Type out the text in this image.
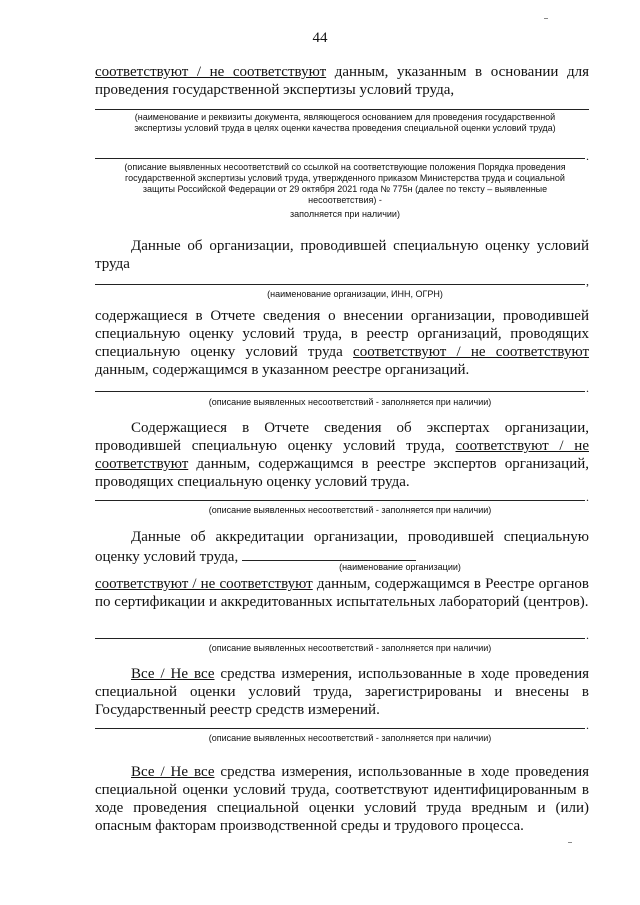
44

соответствуют / не соответствуют данным, указанным в основании для проведения государственной экспертизы условий труда,

(наименование и реквизиты документа, являющегося основанием для проведения государственной экспертизы условий труда в целях оценки качества проведения специальной оценки условий труда)

.

(описание выявленных несоответствий со ссылкой на соответствующие положения Порядка проведения государственной экспертизы условий труда, утвержденного приказом Министерства труда и социальной защиты Российской Федерации от 29 октября 2021 года № 775н (далее по тексту – выявленные несоответствия) -

заполняется при наличии)

Данные об организации, проводившей специальную оценку условий труда

,

(наименование организации, ИНН, ОГРН)

содержащиеся в Отчете сведения о внесении организации, проводившей специальную оценку условий труда, в реестр организаций, проводящих специальную оценку условий труда соответствуют / не соответствуют данным, содержащимся в указанном реестре организаций.

.

(описание выявленных несоответствий - заполняется при наличии)

Содержащиеся в Отчете сведения об экспертах организации, проводившей специальную оценку условий труда, соответствуют / не соответствуют данным, содержащимся в реестре экспертов организаций, проводящих специальную оценку условий труда.

.

(описание выявленных несоответствий - заполняется при наличии)

Данные об аккредитации организации, проводившей специальную оценку условий труда,

(наименование организации)

соответствуют / не соответствуют данным, содержащимся в Реестре органов по сертификации и аккредитованных испытательных лабораторий (центров).

.

(описание выявленных несоответствий - заполняется при наличии)

Все / Не все средства измерения, использованные в ходе проведения специальной оценки условий труда, зарегистрированы и внесены в Государственный реестр средств измерений.

.

(описание выявленных несоответствий - заполняется при наличии)

Все / Не все средства измерения, использованные в ходе проведения специальной оценки условий труда, соответствуют идентифицированным в ходе проведения специальной оценки условий труда вредным и (или) опасным факторам производственной среды и трудового процесса.
